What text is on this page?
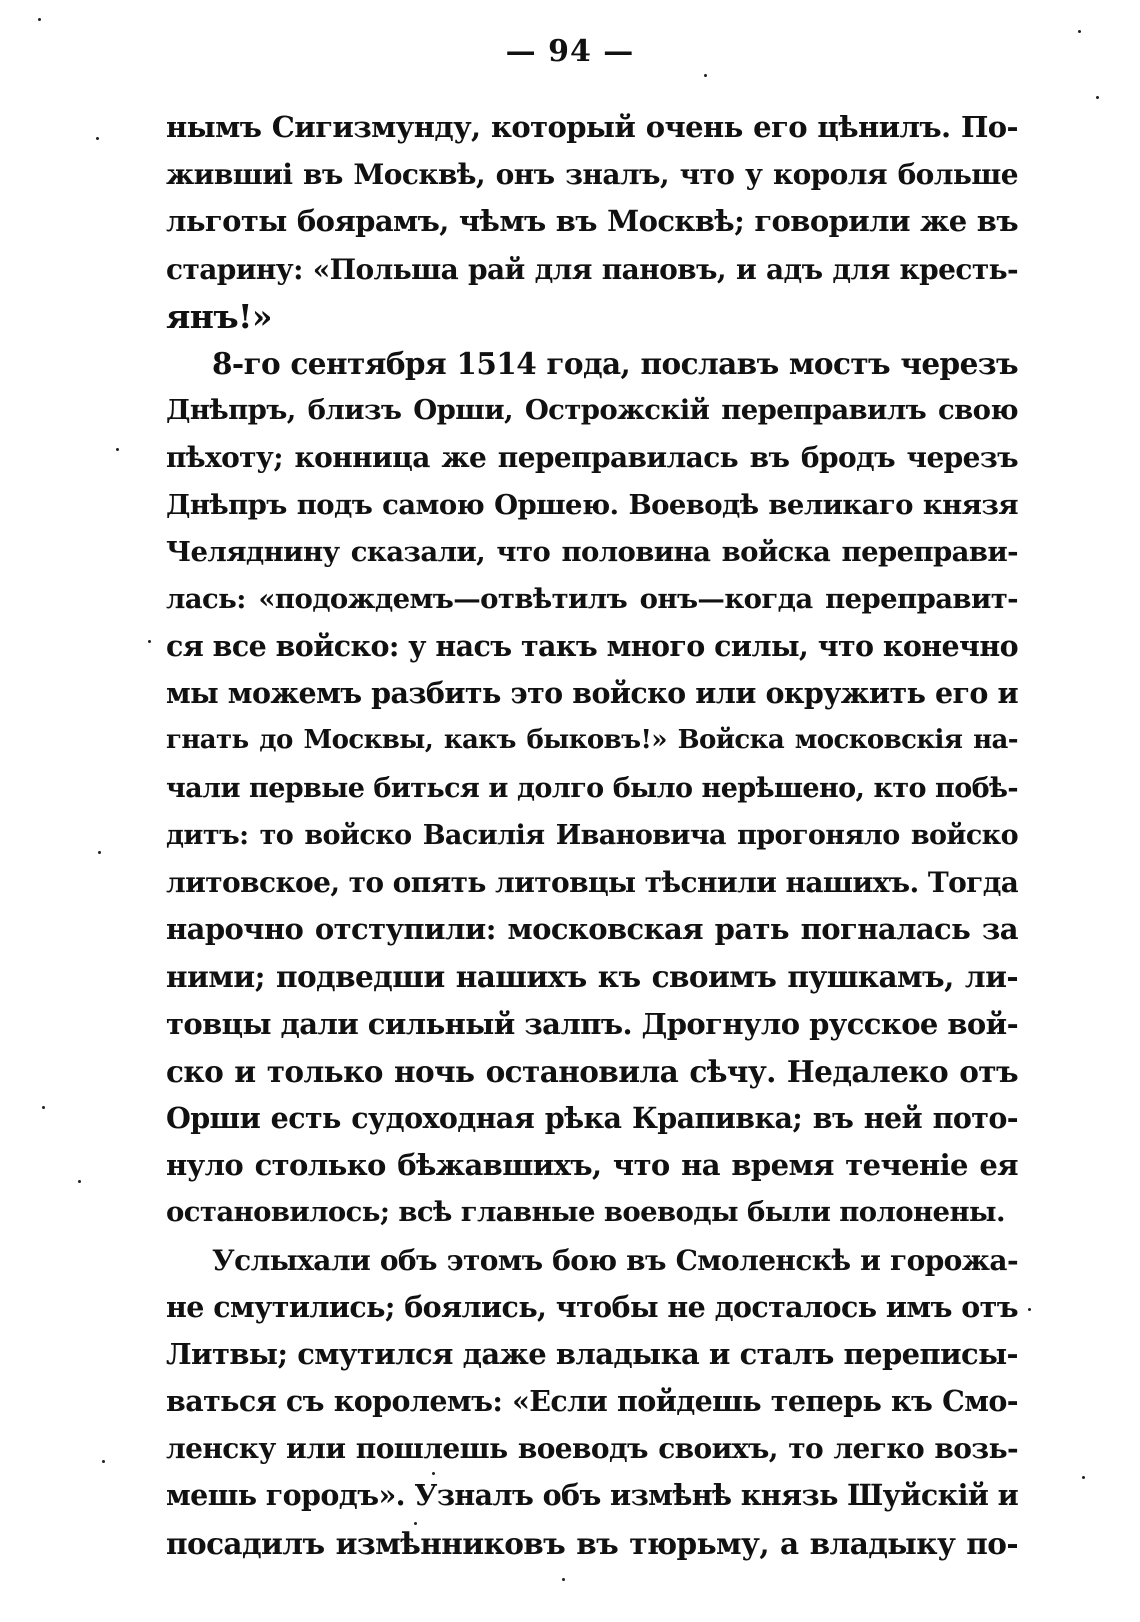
— 94 —
нымъ Сигизмунду, который очень его цѣнилъ. По-
жившиi въ Москвѣ, онъ зналъ, что у короля больше
льготы боярамъ, чѣмъ въ Москвѣ; говорили же въ
старину: «Польша рай для пановъ, и адъ для кресть-
янъ!»
8-го сентября 1514 года, пославъ мостъ черезъ
Днѣпръ, близъ Орши, Острожскій переправилъ свою
пѣхоту; конница же переправилась въ бродъ черезъ
Днѣпръ подъ самою Оршею. Воеводѣ великаго князя
Челяднину сказали, что половина войска переправи-
лась: «подождемъ—отвѣтилъ онъ—когда переправит-
ся все войско: у насъ такъ много силы, что конечно
мы можемъ разбить это войско или окружить его и
гнать до Москвы, какъ быковъ!» Войска московскія на-
чали первые биться и долго было нерѣшено, кто побѣ-
дитъ: то войско Василія Ивановича прогоняло войско
литовское, то опять литовцы тѣснили нашихъ. Тогда
нарочно отступили: московская рать погналась за
ними; подведши нашихъ къ своимъ пушкамъ, ли-
товцы дали сильный залпъ. Дрогнуло русское вой-
ско и только ночь остановила сѣчу. Недалеко отъ
Орши есть судоходная рѣка Крапивка; въ ней пото-
нуло столько бѣжавшихъ, что на время теченіе ея
остановилось; всѣ главные воеводы были полонены.
Услыхали объ этомъ бою въ Смоленскѣ и горожа-
не смутились; боялись, чтобы не досталось имъ отъ
Литвы; смутился даже владыка и сталъ переписы-
ваться съ королемъ: «Если пойдешь теперь къ Смо-
ленску или пошлешь воеводъ своихъ, то легко возь-
мешь городъ». Узналъ объ измѣнѣ князь Шуйскій и
посадилъ измѣнниковъ въ тюрьму, а владыку по-
